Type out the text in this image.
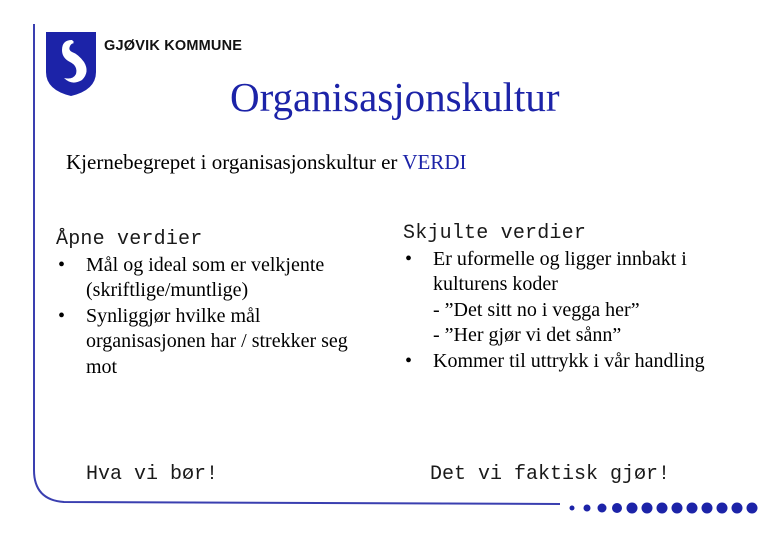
GJØVIK KOMMUNE
Organisasjonskultur
Kjernebegrepet i organisasjonskultur er VERDI
Åpne verdier
• Mål og ideal som er velkjente (skriftlige/muntlige)
• Synliggjør hvilke mål organisasjonen har / strekker seg mot
Skjulte verdier
• Er uformelle og ligger innbakt i kulturens koder
- ”Det sitt no i vegga her”
- ”Her gjør vi det sånn”
• Kommer til uttrykk i vår handling
Hva vi bør!	Det vi faktisk gjør!
